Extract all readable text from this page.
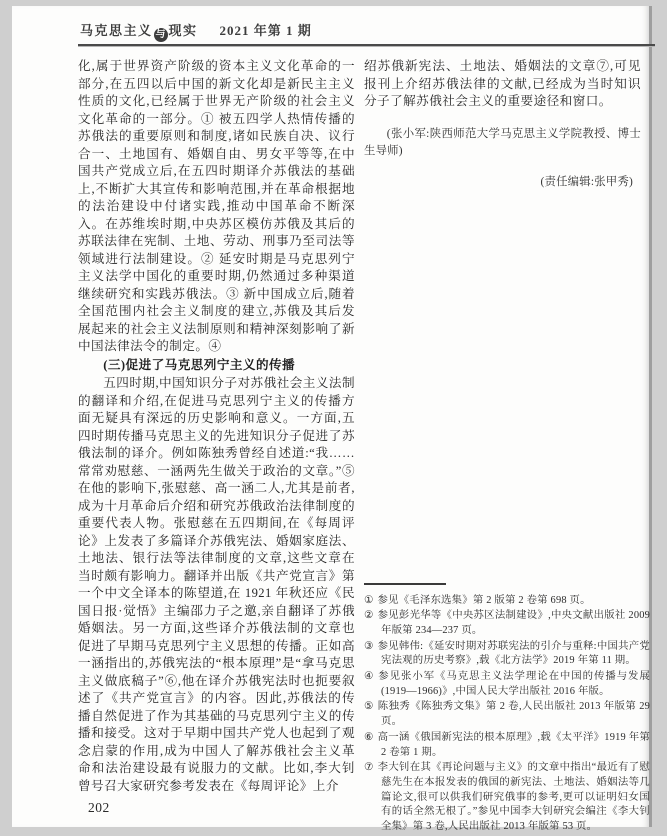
马克思主义 与 现实 2021 年第 1 期

化,属于世界资产阶级的资本主义文化革命的一部分,在五四以后中国的新文化却是新民主主义性质的文化,已经属于世界无产阶级的社会主义文化革命的一部分。① 被五四学人热情传播的苏俄法的重要原则和制度,诸如民族自决、议行合一、土地国有、婚姻自由、男女平等等,在中国共产党成立后,在五四时期译介苏俄法的基础上,不断扩大其宣传和影响范围,并在革命根据地的法治建设中付诸实践,推动中国革命不断深入。在苏维埃时期,中央苏区模仿苏俄及其后的苏联法律在宪制、土地、劳动、刑事乃至司法等领域进行法制建设。② 延安时期是马克思列宁主义法学中国化的重要时期,仍然通过多种渠道继续研究和实践苏俄法。③ 新中国成立后,随着全国范围内社会主义制度的建立,苏俄及其后发展起来的社会主义法制原则和精神深刻影响了新中国法律法令的制定。④

(三)促进了马克思列宁主义的传播

五四时期,中国知识分子对苏俄社会主义法制的翻译和介绍,在促进马克思列宁主义的传播方面无疑具有深远的历史影响和意义。一方面,五四时期传播马克思主义的先进知识分子促进了苏俄法制的译介。例如陈独秀曾经自述道:“我……常常劝慰慈、一涵两先生做关于政治的文章。”⑤在他的影响下,张慰慈、高一涵二人,尤其是前者,成为十月革命后介绍和研究苏俄政治法律制度的重要代表人物。张慰慈在五四期间,在《每周评论》上发表了多篇译介苏俄宪法、婚姻家庭法、土地法、银行法等法律制度的文章,这些文章在当时颇有影响力。翻译并出版《共产党宣言》第一个中文全译本的陈望道,在 1921 年秋还应《民国日报·觉悟》主编邵力子之邀,亲自翻译了苏俄婚姻法。另一方面,这些译介苏俄法制的文章也促进了早期马克思列宁主义思想的传播。正如高一涵指出的,苏俄宪法的“根本原理”是“拿马克思主义做底稿子”⑥,他在译介苏俄宪法时也扼要叙述了《共产党宣言》的内容。因此,苏俄法的传播自然促进了作为其基础的马克思列宁主义的传播和接受。这对于早期中国共产党人也起到了观念启蒙的作用,成为中国人了解苏俄社会主义革命和法治建设最有说服力的文献。比如,李大钊曾号召大家研究参考发表在《每周评论》上介

绍苏俄新宪法、土地法、婚姻法的文章⑦,可见报刊上介绍苏俄法律的文献,已经成为当时知识分子了解苏俄社会主义的重要途径和窗口。

(张小军:陕西师范大学马克思主义学院教授、博士生导师)

(责任编辑:张甲秀)

① 参见《毛泽东选集》第 2 版第 2 卷第 698 页。

② 参见彭光华等《中央苏区法制建设》,中央文献出版社 2009 年版第 234—237 页。

③ 参见韩伟:《延安时期对苏联宪法的引介与重释:中国共产党宪法观的历史考察》,载《北方法学》2019 年第 11 期。

④ 参见张小军《马克思主义法学理论在中国的传播与发展(1919—1966)》,中国人民大学出版社 2016 年版。

⑤ 陈独秀《陈独秀文集》第 2 卷,人民出版社 2013 年版第 29 页。

⑥ 高一涵《俄国新宪法的根本原理》,载《太平洋》1919 年第 2 卷第 1 期。

⑦ 李大钊在其《再论问题与主义》的文章中指出“最近有了慰慈先生在本报发表的俄国的新宪法、土地法、婚姻法等几篇论文,很可以供我们研究俄事的参考,更可以证明妇女国有的话全然无根了。”参见中国李大钊研究会编注《李大钊全集》第 3 卷,人民出版社 2013 年版第 53 页。

202
